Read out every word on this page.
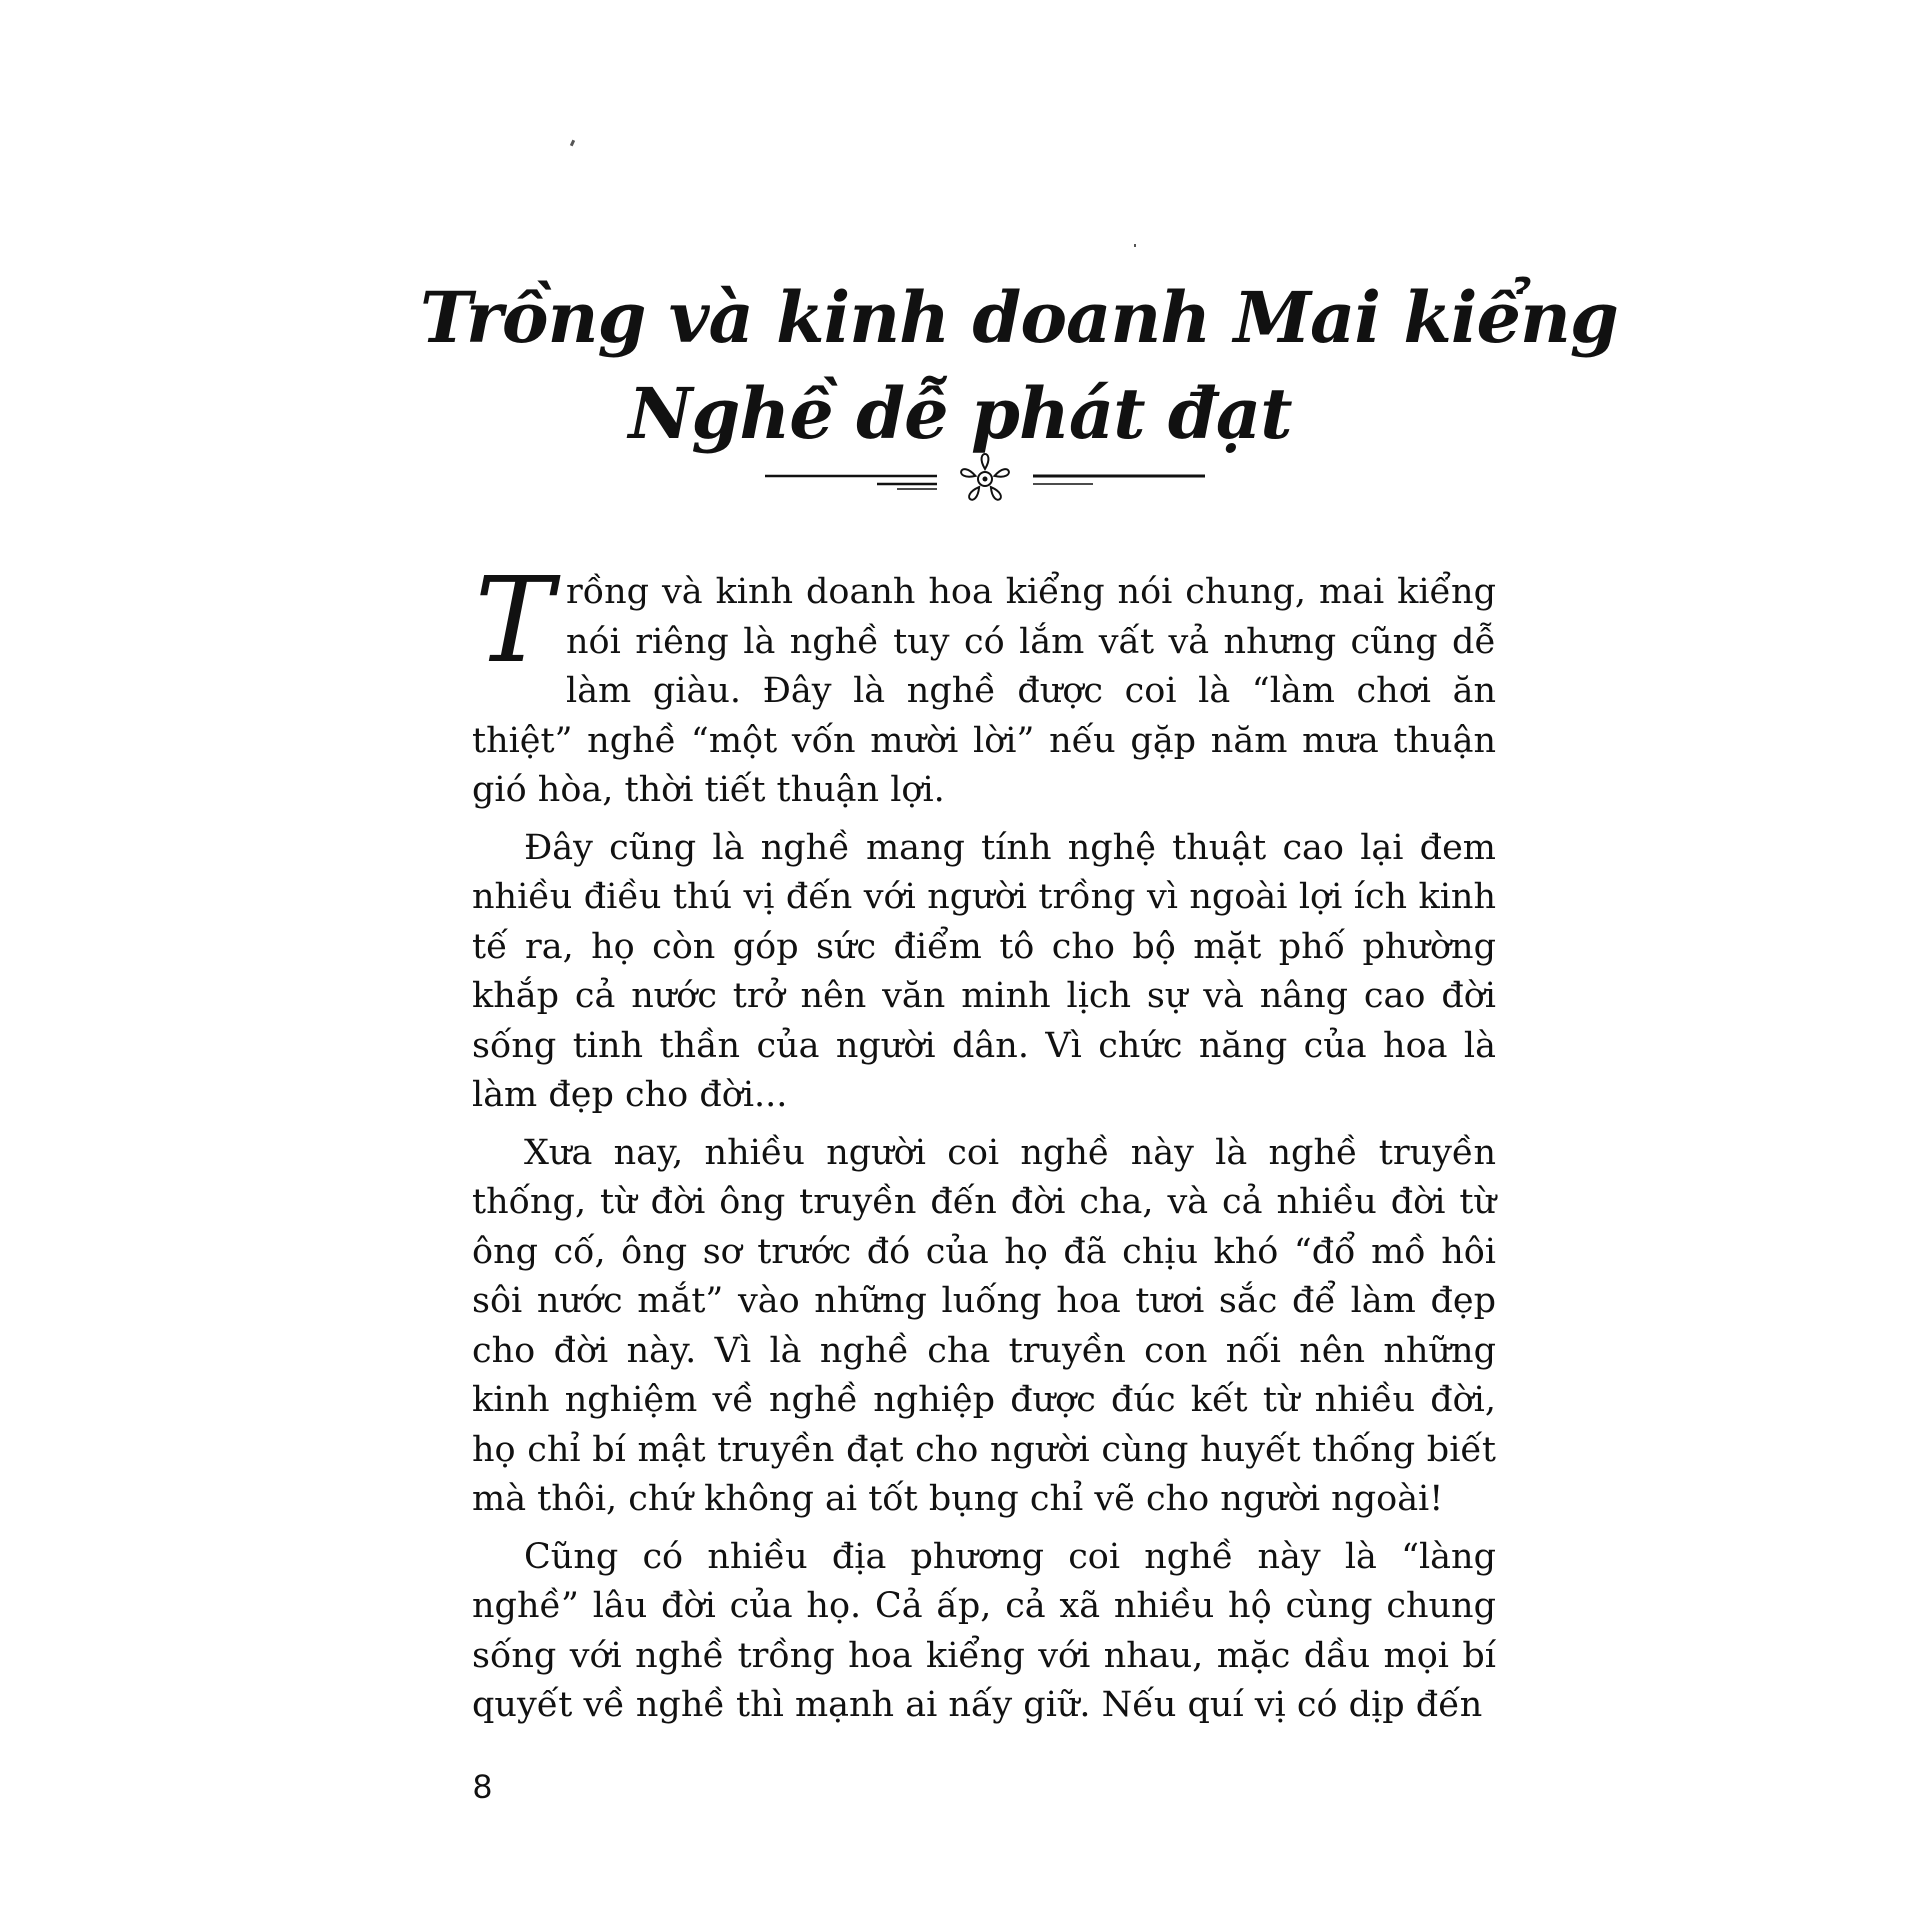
Trồng và kinh doanh Mai kiểng
Nghề dễ phát đạt

Trồng và kinh doanh hoa kiểng nói chung, mai kiểng nói riêng là nghề tuy có lắm vất vả nhưng cũng dễ làm giàu. Đây là nghề được coi là “làm chơi ăn thiệt” nghề “một vốn mười lời” nếu gặp năm mưa thuận gió hòa, thời tiết thuận lợi.

Đây cũng là nghề mang tính nghệ thuật cao lại đem nhiều điều thú vị đến với người trồng vì ngoài lợi ích kinh tế ra, họ còn góp sức điểm tô cho bộ mặt phố phường khắp cả nước trở nên văn minh lịch sự và nâng cao đời sống tinh thần của người dân. Vì chức năng của hoa là làm đẹp cho đời...

Xưa nay, nhiều người coi nghề này là nghề truyền thống, từ đời ông truyền đến đời cha, và cả nhiều đời từ ông cố, ông sơ trước đó của họ đã chịu khó “đổ mồ hôi sôi nước mắt” vào những luống hoa tươi sắc để làm đẹp cho đời này. Vì là nghề cha truyền con nối nên những kinh nghiệm về nghề nghiệp được đúc kết từ nhiều đời, họ chỉ bí mật truyền đạt cho người cùng huyết thống biết mà thôi, chứ không ai tốt bụng chỉ vẽ cho người ngoài!

Cũng có nhiều địa phương coi nghề này là “làng nghề” lâu đời của họ. Cả ấp, cả xã nhiều hộ cùng chung sống với nghề trồng hoa kiểng với nhau, mặc dầu mọi bí quyết về nghề thì mạnh ai nấy giữ. Nếu quí vị có dịp đến

8
